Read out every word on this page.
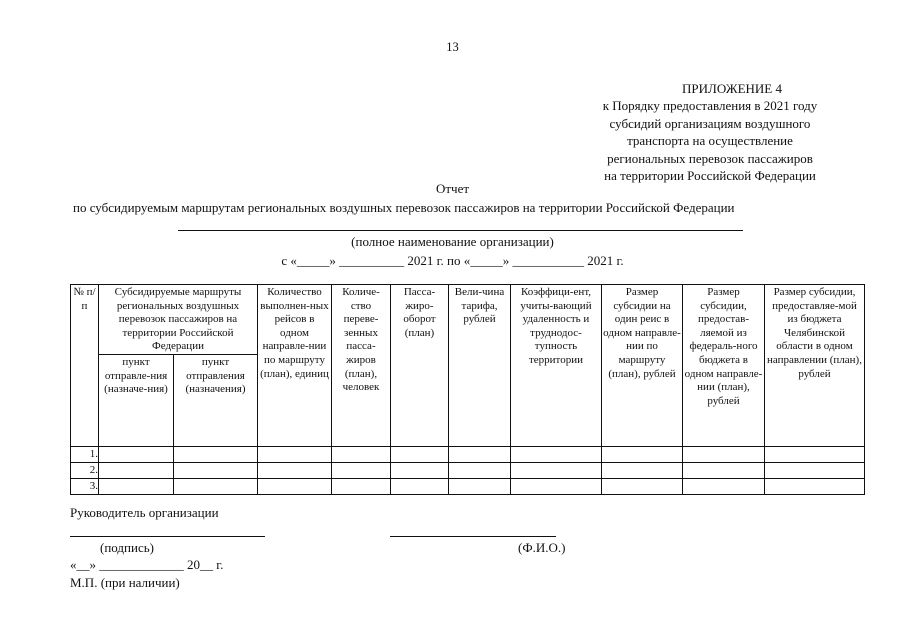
13
ПРИЛОЖЕНИЕ 4
к Порядку предоставления в 2021 году
субсидий организациям воздушного
транспорта на осуществление
региональных перевозок пассажиров
на территории Российской Федерации
Отчет
по субсидируемым маршрутам региональных воздушных перевозок пассажиров на территории Российской Федерации
(полное наименование организации)
с «_____» __________ 2021 г. по «_____» ___________ 2021 г.
№ п/п	Субсидируемые маршруты региональных воздушных перевозок пассажиров на территории Российской Федерации		Количество выполнен-ных рейсов в одном направле-нии по маршруту (план), единиц	Количе-ство переве-зенных пасса-жиров (план), человек	Пасса-жиро-оборот (план)	Вели-чина тарифа, рублей	Коэффици-ент, учиты-вающий удаленность и труднодос-тупность территории	Размер субсидии на один реис в одном направле-нии по маршруту (план), рублей	Размер субсидии, предостав-ляемой из федераль-ного бюджета в одном направле-нии (план), рублей	Размер субсидии, предоставляе-мой из бюджета Челябинской области в одном направлении (план), рублей
	пункт отправле-ния (назначе-ния)	пункт отправления (назначения)								
1.										
2.										
3.										
Руководитель организации
(подпись)	(Ф.И.О.)
«__» _____________ 20__ г.
М.П. (при наличии)
